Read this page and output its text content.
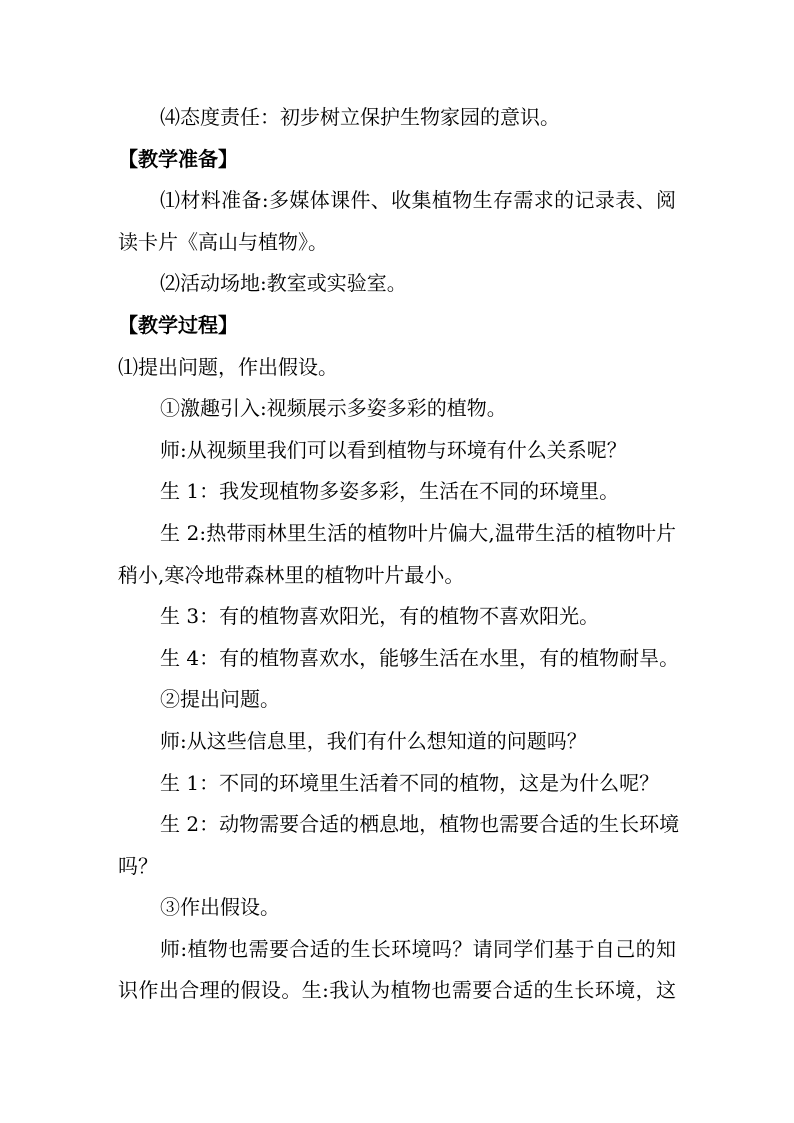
⑷态度责任：初步树立保护生物家园的意识。
【教学准备】
⑴材料准备:多媒体课件、收集植物生存需求的记录表、阅
读卡片《高山与植物》。
⑵活动场地:教室或实验室。
【教学过程】
⑴提出问题，作出假设。
①激趣引入:视频展示多姿多彩的植物。
师:从视频里我们可以看到植物与环境有什么关系呢？
生 1：我发现植物多姿多彩，生活在不同的环境里。
生 2:热带雨林里生活的植物叶片偏大,温带生活的植物叶片
稍小,寒冷地带森林里的植物叶片最小。
生 3：有的植物喜欢阳光，有的植物不喜欢阳光。
生 4：有的植物喜欢水，能够生活在水里，有的植物耐旱。
②提出问题。
师:从这些信息里，我们有什么想知道的问题吗？
生 1：不同的环境里生活着不同的植物，这是为什么呢？
生 2：动物需要合适的栖息地，植物也需要合适的生长环境
吗？
③作出假设。
师:植物也需要合适的生长环境吗？请同学们基于自己的知
识作出合理的假设。生:我认为植物也需要合适的生长环境，这
